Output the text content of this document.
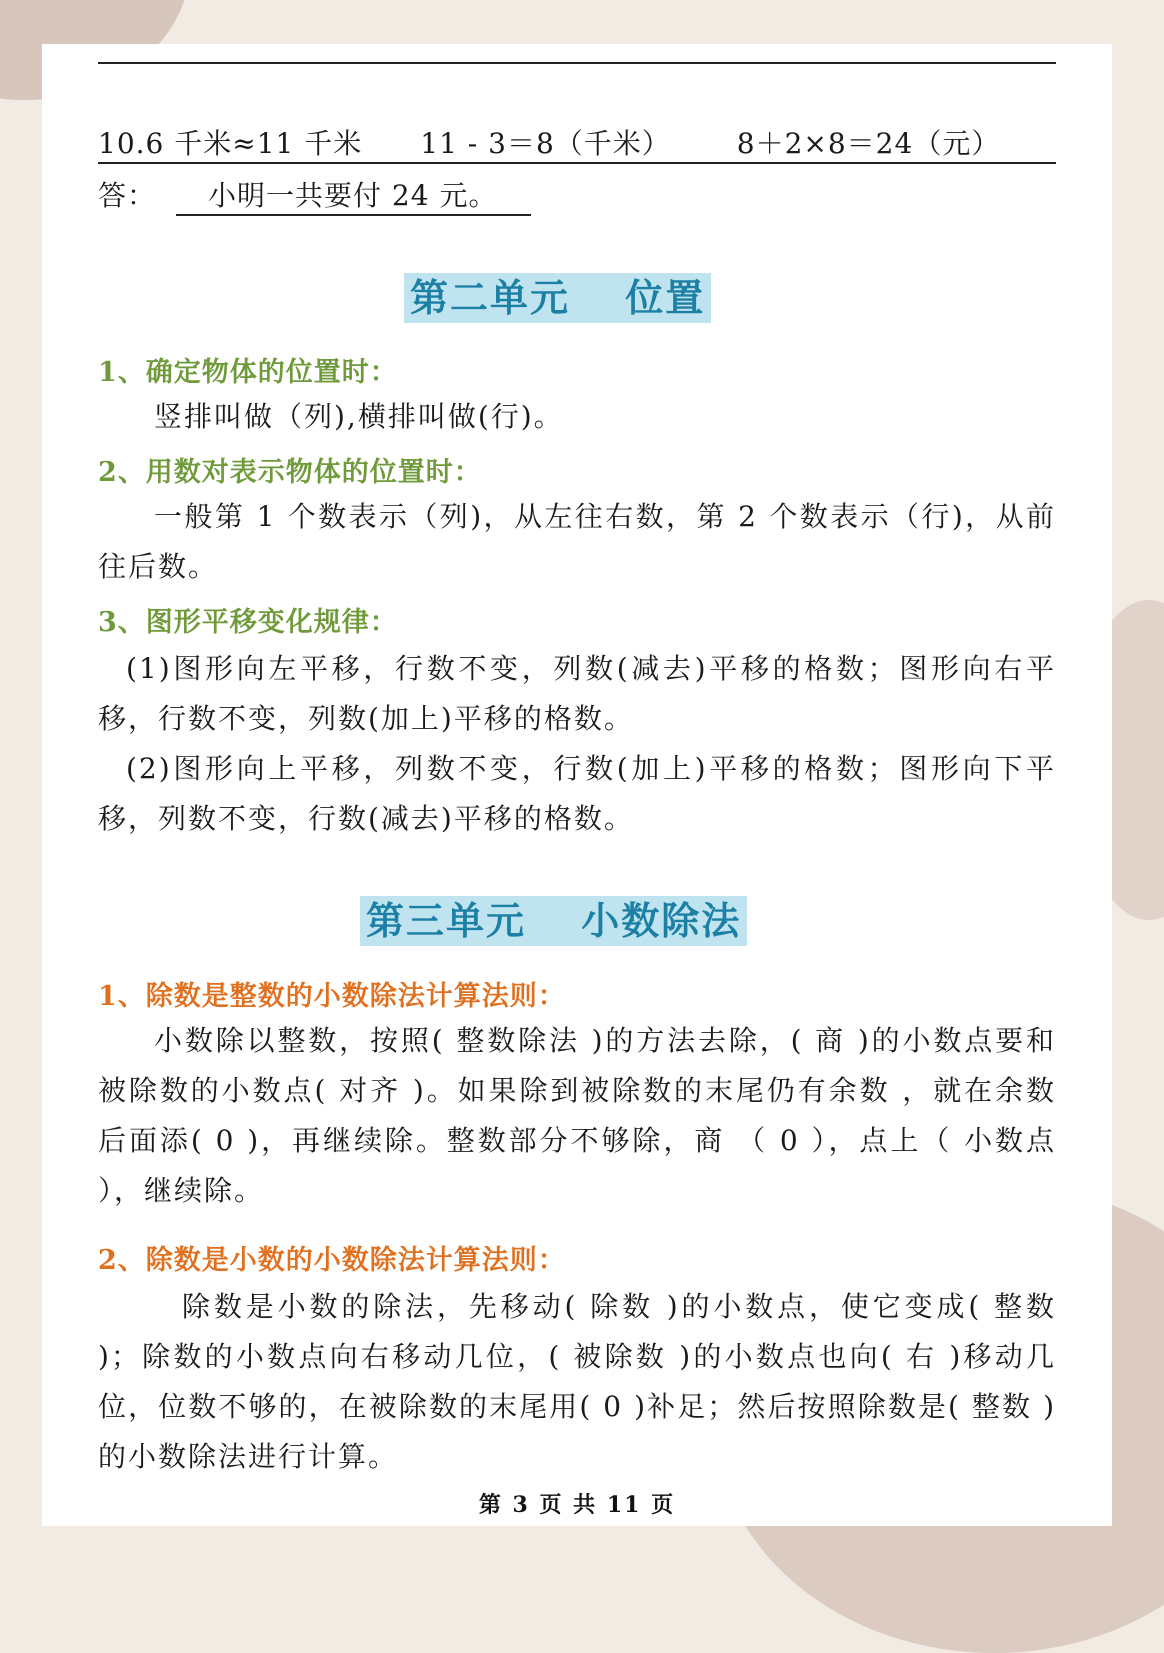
10.6 千米≈11 千米 11 - 3＝8（千米） 8＋2×8＝24（元）
答： 小明一共要付 24 元。
第二单元　 位置
1、确定物体的位置时：
竖排叫做（列),横排叫做(行)。
2、用数对表示物体的位置时：
一般第 1 个数表示（列)，从左往右数，第 2 个数表示（行)，从前往后数。
3、图形平移变化规律：
(1)图形向左平移，行数不变，列数(减去)平移的格数；图形向右平移，行数不变，列数(加上)平移的格数。
(2)图形向上平移，列数不变，行数(加上)平移的格数；图形向下平移，列数不变，行数(减去)平移的格数。
第三单元　 小数除法
1、除数是整数的小数除法计算法则：
小数除以整数，按照( 整数除法 )的方法去除，( 商 )的小数点要和被除数的小数点( 对齐 )。如果除到被除数的末尾仍有余数 ，就在余数后面添( 0 )，再继续除。整数部分不够除，商 （ 0 ），点上（ 小数点 ），继续除。
2、除数是小数的小数除法计算法则：
除数是小数的除法，先移动( 除数 )的小数点，使它变成( 整数 )；除数的小数点向右移动几位，( 被除数 )的小数点也向( 右 )移动几位，位数不够的，在被除数的末尾用( 0 )补足；然后按照除数是( 整数 )的小数除法进行计算。
第 3 页 共 11 页
